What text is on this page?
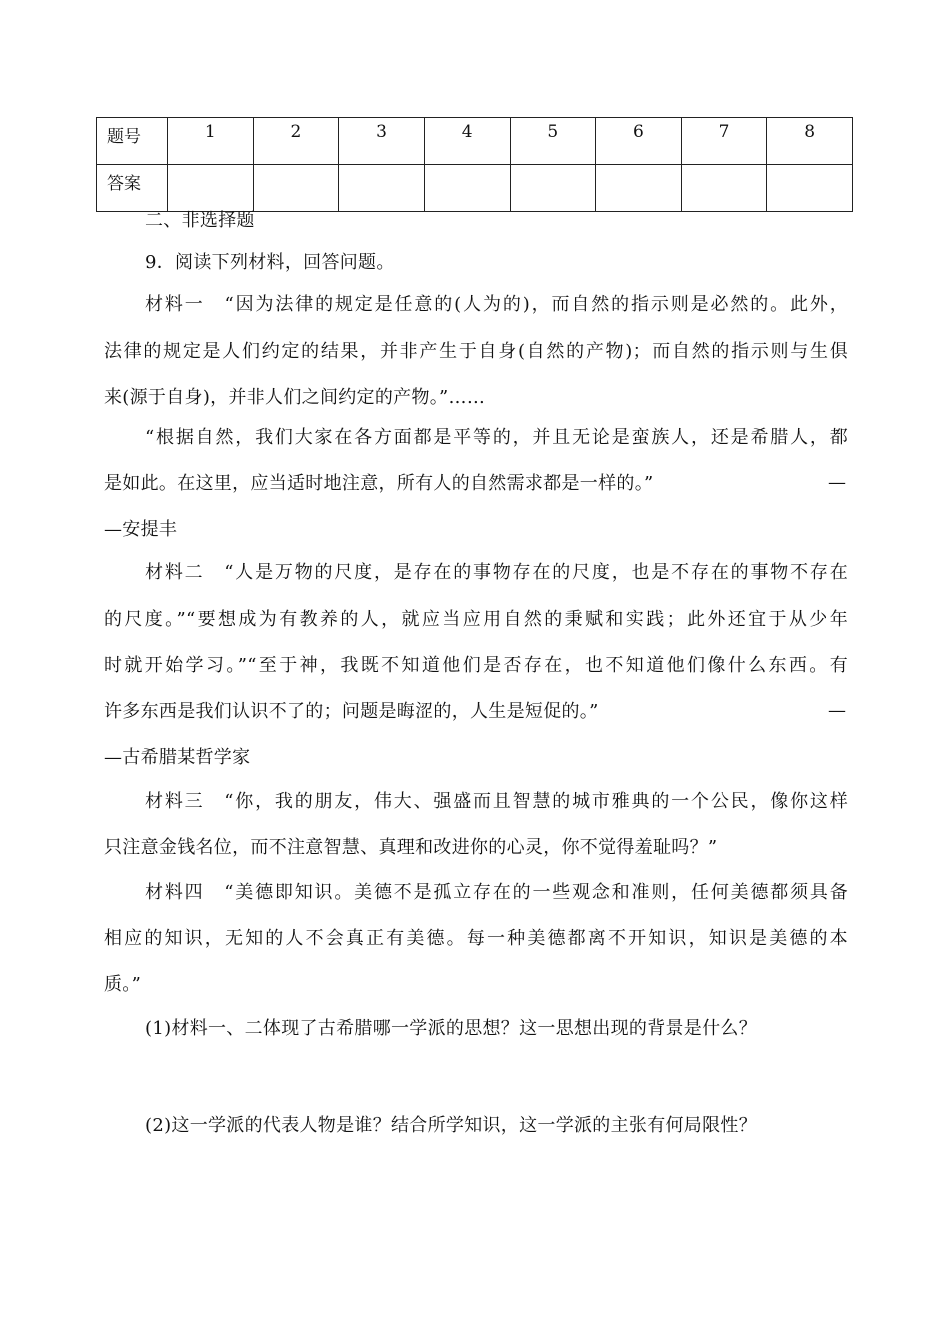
题号	1	2	3	4	5	6	7	8
答案								
二、非选择题
9．阅读下列材料，回答问题。
材料一　“因为法律的规定是任意的(人为的)，而自然的指示则是必然的。此外，
法律的规定是人们约定的结果，并非产生于自身(自然的产物)；而自然的指示则与生俱
来(源于自身)，并非人们之间约定的产物。”……
“根据自然，我们大家在各方面都是平等的，并且无论是蛮族人，还是希腊人，都
是如此。在这里，应当适时地注意，所有人的自然需求都是一样的。”	—
—安提丰
材料二　“人是万物的尺度，是存在的事物存在的尺度，也是不存在的事物不存在
的尺度。”“要想成为有教养的人，就应当应用自然的秉赋和实践；此外还宜于从少年
时就开始学习。”“至于神，我既不知道他们是否存在，也不知道他们像什么东西。有
许多东西是我们认识不了的；问题是晦涩的，人生是短促的。”	—
—古希腊某哲学家
材料三　“你，我的朋友，伟大、强盛而且智慧的城市雅典的一个公民，像你这样
只注意金钱名位，而不注意智慧、真理和改进你的心灵，你不觉得羞耻吗？”
材料四　“美德即知识。美德不是孤立存在的一些观念和准则，任何美德都须具备
相应的知识，无知的人不会真正有美德。每一种美德都离不开知识，知识是美德的本
质。”
(1)材料一、二体现了古希腊哪一学派的思想？这一思想出现的背景是什么？
(2)这一学派的代表人物是谁？结合所学知识，这一学派的主张有何局限性？
